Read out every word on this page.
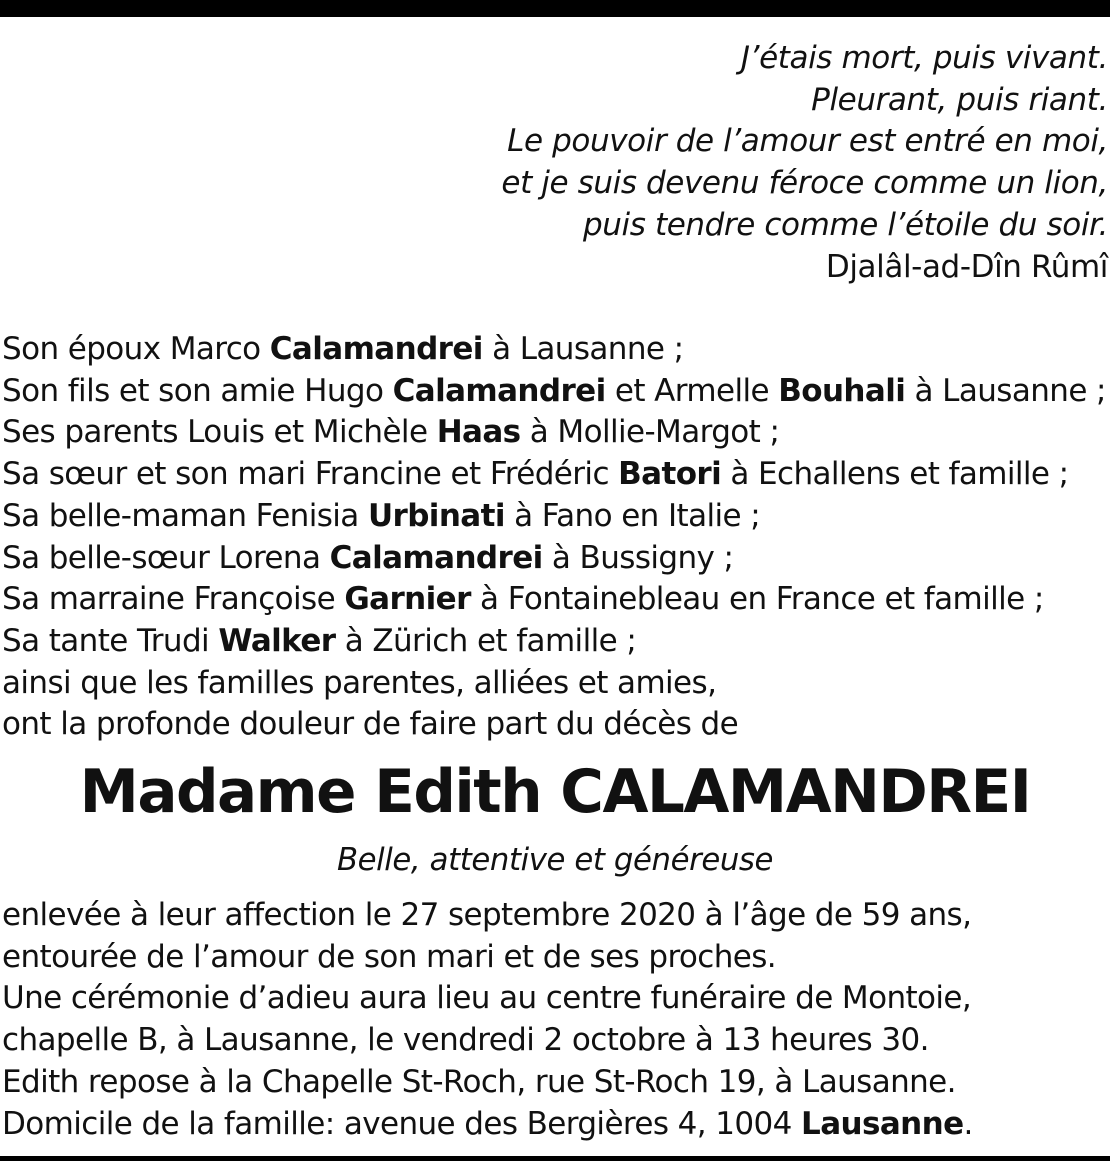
J’étais mort, puis vivant.
Pleurant, puis riant.
Le pouvoir de l’amour est entré en moi,
et je suis devenu féroce comme un lion,
puis tendre comme l’étoile du soir.
Djalâl-ad-Dîn Rûmî
Son époux Marco Calamandrei à Lausanne ;
Son fils et son amie Hugo Calamandrei et Armelle Bouhali à Lausanne ;
Ses parents Louis et Michèle Haas à Mollie-Margot ;
Sa sœur et son mari Francine et Frédéric Batori à Echallens et famille ;
Sa belle-maman Fenisia Urbinati à Fano en Italie ;
Sa belle-sœur Lorena Calamandrei à Bussigny ;
Sa marraine Françoise Garnier à Fontainebleau en France et famille ;
Sa tante Trudi Walker à Zürich et famille ;
ainsi que les familles parentes, alliées et amies,
ont la profonde douleur de faire part du décès de
Madame Edith CALAMANDREI
Belle, attentive et généreuse
enlevée à leur affection le 27 septembre 2020 à l’âge de 59 ans,
entourée de l’amour de son mari et de ses proches.
Une cérémonie d’adieu aura lieu au centre funéraire de Montoie,
chapelle B, à Lausanne, le vendredi 2 octobre à 13 heures 30.
Edith repose à la Chapelle St-Roch, rue St-Roch 19, à Lausanne.
Domicile de la famille: avenue des Bergières 4, 1004 Lausanne.
